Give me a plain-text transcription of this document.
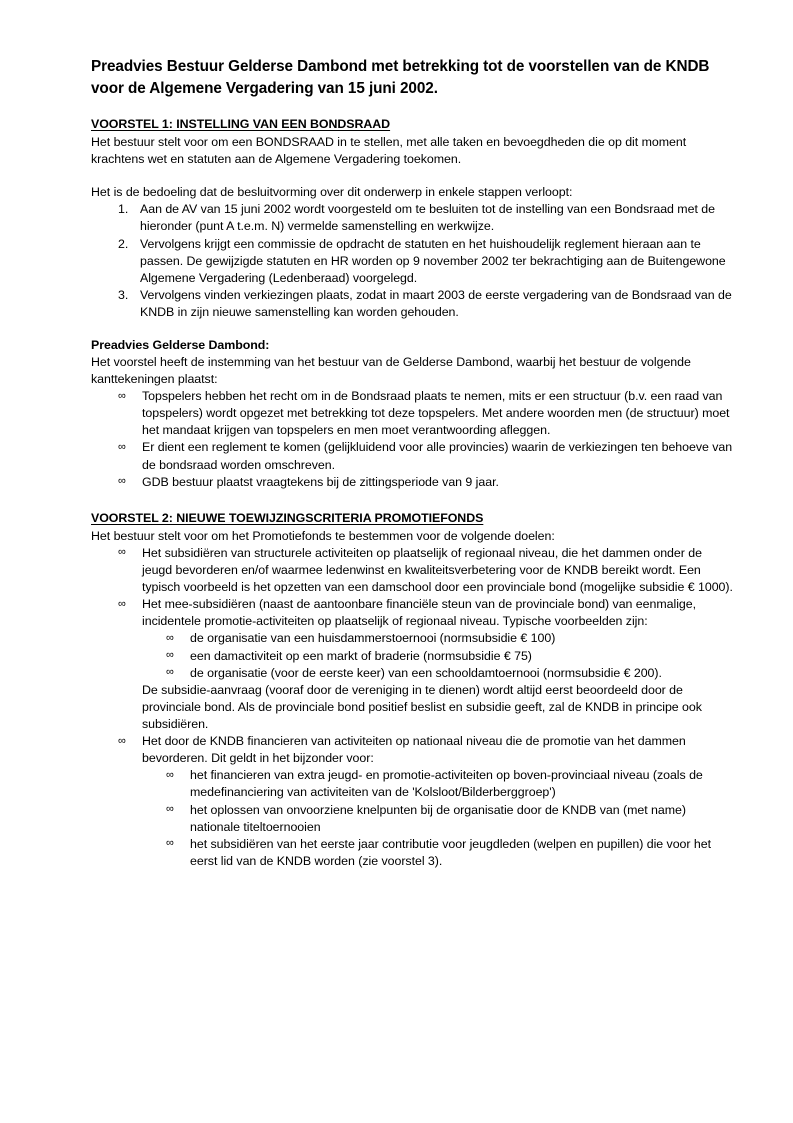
Preadvies Bestuur Gelderse Dambond met betrekking tot de voorstellen van de KNDB voor de Algemene Vergadering van 15 juni 2002.
VOORSTEL 1: INSTELLING VAN EEN BONDSRAAD

Het bestuur stelt voor om een BONDSRAAD in te stellen, met alle taken en bevoegdheden die op dit moment krachtens wet en statuten aan de Algemene Vergadering toekomen.

Het is de bedoeling dat de besluitvorming over dit onderwerp in enkele stappen verloopt:

Aan de AV van 15 juni 2002 wordt voorgesteld om te besluiten tot de instelling van een Bondsraad met de hieronder (punt A t.e.m. N) vermelde samenstelling en werkwijze.
Vervolgens krijgt een commissie de opdracht de statuten en het huishoudelijk reglement hieraan aan te passen. De gewijzigde statuten en HR worden op 9 november 2002 ter bekrachtiging aan de Buitengewone Algemene Vergadering (Ledenberaad) voorgelegd.
Vervolgens vinden verkiezingen plaats, zodat in maart 2003 de eerste vergadering van de Bondsraad van de KNDB in zijn nieuwe samenstelling kan worden gehouden.

Preadvies Gelderse Dambond:

Het voorstel heeft de instemming van het bestuur van de Gelderse Dambond, waarbij het bestuur de volgende kanttekeningen plaatst:

∞ Topspelers hebben het recht om in de Bondsraad plaats te nemen, mits er een structuur (b.v. een raad van topspelers) wordt opgezet met betrekking tot deze topspelers. Met andere woorden men (de structuur) moet het mandaat krijgen van topspelers en men moet verantwoording afleggen.
∞ Er dient een reglement te komen (gelijkluidend voor alle provincies) waarin de verkiezingen ten behoeve van de bondsraad worden omschreven.
∞ GDB bestuur plaatst vraagtekens bij de zittingsperiode van 9 jaar.
VOORSTEL 2: NIEUWE TOEWIJZINGSCRITERIA PROMOTIEFONDS

Het bestuur stelt voor om het Promotiefonds te bestemmen voor de volgende doelen:

∞ Het subsidiëren van structurele activiteiten op plaatselijk of regionaal niveau, die het dammen onder de jeugd bevorderen en/of waarmee ledenwinst en kwaliteitsverbetering voor de KNDB bereikt wordt. Een typisch voorbeeld is het opzetten van een damschool door een provinciale bond (mogelijke subsidie € 1000).
∞ Het mee-subsidiëren (naast de aantoonbare financiële steun van de provinciale bond) van eenmalige, incidentele promotie-activiteiten op plaatselijk of regionaal niveau. Typische voorbeelden zijn:
∞ de organisatie van een huisdammerstoernooi (normsubsidie € 100)
∞ een damactiviteit op een markt of braderie (normsubsidie € 75)
∞ de organisatie (voor de eerste keer) van een schooldamtoernooi (normsubsidie € 200).

De subsidie-aanvraag (vooraf door de vereniging in te dienen) wordt altijd eerst beoordeeld door de provinciale bond. Als de provinciale bond positief beslist en subsidie geeft, zal de KNDB in principe ook subsidiëren.

∞ Het door de KNDB financieren van activiteiten op nationaal niveau die de promotie van het dammen bevorderen. Dit geldt in het bijzonder voor:
∞ het financieren van extra jeugd- en promotie-activiteiten op boven-provinciaal niveau (zoals de medefinanciering van activiteiten van de 'Kolsloot/Bilderberggroep')
∞ het oplossen van onvoorziene knelpunten bij de organisatie door de KNDB van (met name) nationale titeltoernooien
∞ het subsidiëren van het eerste jaar contributie voor jeugdleden (welpen en pupillen) die voor het eerst lid van de KNDB worden (zie voorstel 3).
